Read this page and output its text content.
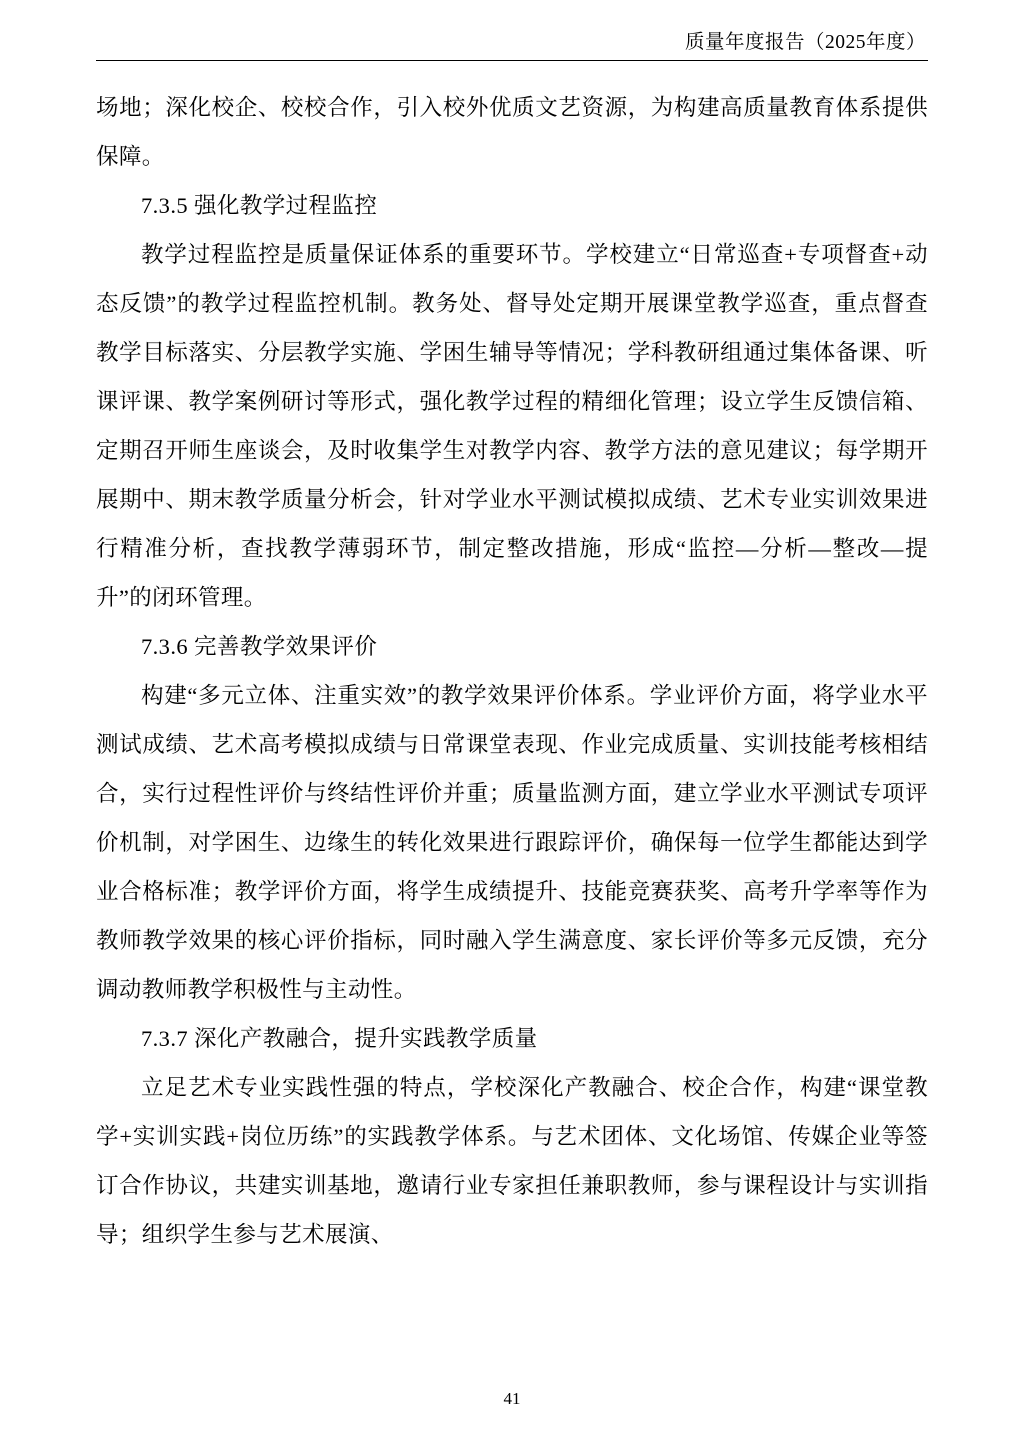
质量年度报告（2025年度）

场地；深化校企、校校合作，引入校外优质文艺资源，为构建高质量教育体系提供保障。

7.3.5 强化教学过程监控

教学过程监控是质量保证体系的重要环节。学校建立“日常巡查+专项督查+动态反馈”的教学过程监控机制。教务处、督导处定期开展课堂教学巡查，重点督查教学目标落实、分层教学实施、学困生辅导等情况；学科教研组通过集体备课、听课评课、教学案例研讨等形式，强化教学过程的精细化管理；设立学生反馈信箱、定期召开师生座谈会，及时收集学生对教学内容、教学方法的意见建议；每学期开展期中、期末教学质量分析会，针对学业水平测试模拟成绩、艺术专业实训效果进行精准分析，查找教学薄弱环节，制定整改措施，形成“监控—分析—整改—提升”的闭环管理。

7.3.6 完善教学效果评价

构建“多元立体、注重实效”的教学效果评价体系。学业评价方面，将学业水平测试成绩、艺术高考模拟成绩与日常课堂表现、作业完成质量、实训技能考核相结合，实行过程性评价与终结性评价并重；质量监测方面，建立学业水平测试专项评价机制，对学困生、边缘生的转化效果进行跟踪评价，确保每一位学生都能达到学业合格标准；教学评价方面，将学生成绩提升、技能竞赛获奖、高考升学率等作为教师教学效果的核心评价指标，同时融入学生满意度、家长评价等多元反馈，充分调动教师教学积极性与主动性。

7.3.7 深化产教融合，提升实践教学质量

立足艺术专业实践性强的特点，学校深化产教融合、校企合作，构建“课堂教学+实训实践+岗位历练”的实践教学体系。与艺术团体、文化场馆、传媒企业等签订合作协议，共建实训基地，邀请行业专家担任兼职教师，参与课程设计与实训指导；组织学生参与艺术展演、

41
